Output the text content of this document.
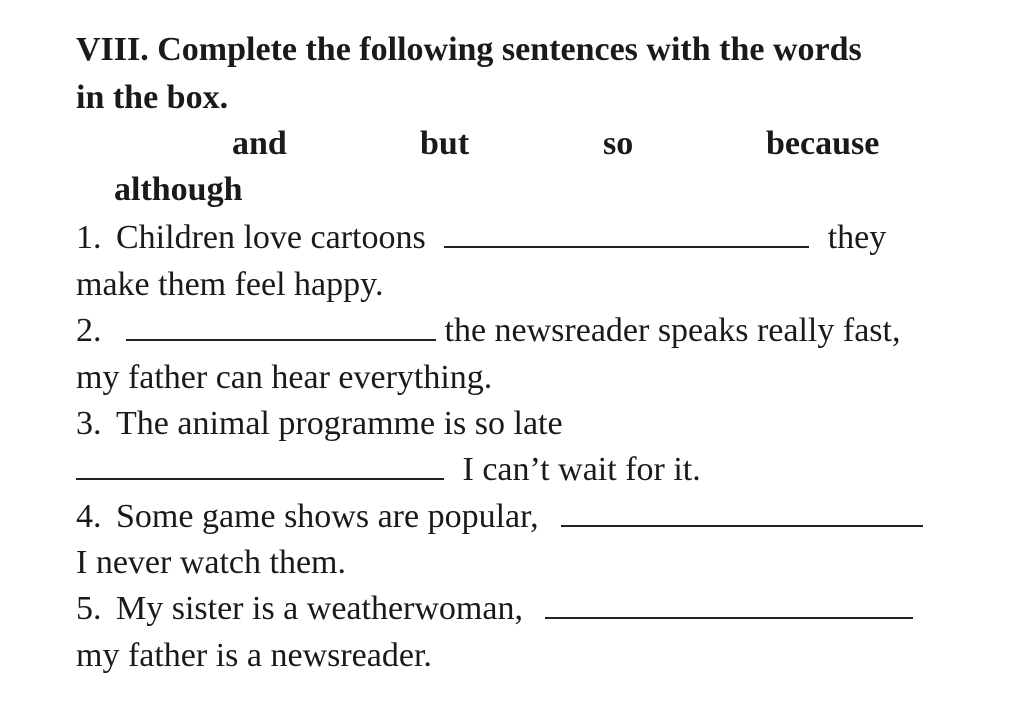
VIII. Complete the following sentences with the words
in the box.
and	but	so	because
although
1. Children love cartoons	they
make them feel happy.
2.	the newsreader speaks really fast,
my father can hear everything.
3. The animal programme is so late
I can’t wait for it.
4. Some game shows are popular,
I never watch them.
5. My sister is a weatherwoman,
my father is a newsreader.
